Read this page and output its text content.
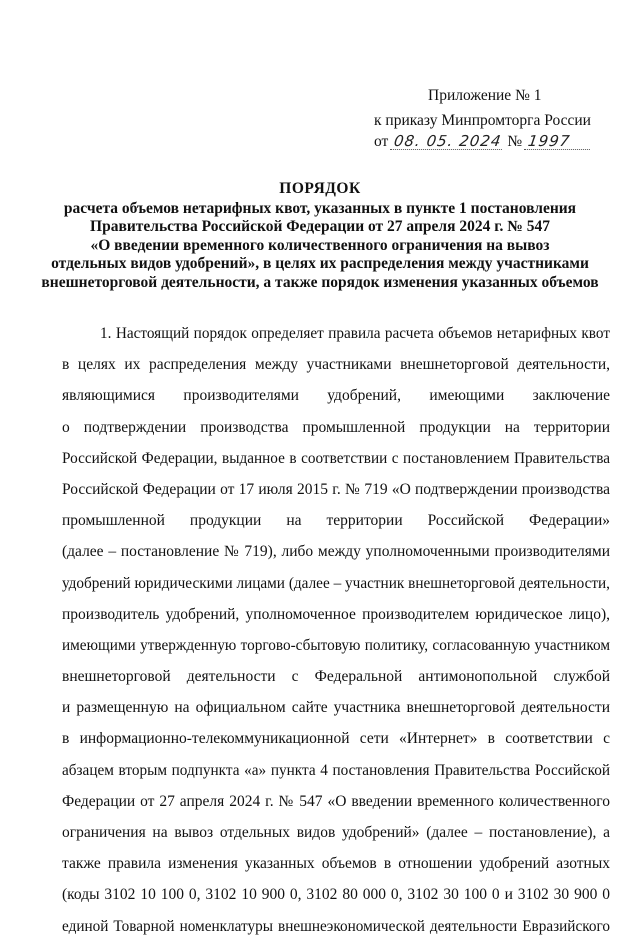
Приложение № 1
к приказу Минпромторга России
от 08. 05. 2024 № 1997
ПОРЯДОК
расчета объемов нетарифных квот, указанных в пункте 1 постановления
Правительства Российской Федерации от 27 апреля 2024 г. № 547
«О введении временного количественного ограничения на вывоз
отдельных видов удобрений», в целях их распределения между участниками
внешнеторговой деятельности, а также порядок изменения указанных объемов
1. Настоящий порядок определяет правила расчета объемов нетарифных квот
в целях их распределения между участниками внешнеторговой деятельности,
являющимися производителями удобрений, имеющими заключение
о подтверждении производства промышленной продукции на территории
Российской Федерации, выданное в соответствии с постановлением Правительства
Российской Федерации от 17 июля 2015 г. № 719 «О подтверждении производства
промышленной продукции на территории Российской Федерации»
(далее – постановление № 719), либо между уполномоченными производителями
удобрений юридическими лицами (далее – участник внешнеторговой деятельности,
производитель удобрений, уполномоченное производителем юридическое лицо),
имеющими утвержденную торгово-сбытовую политику, согласованную участником
внешнеторговой деятельности с Федеральной антимонопольной службой
и размещенную на официальном сайте участника внешнеторговой деятельности
в информационно-телекоммуникационной сети «Интернет» в соответствии с
абзацем вторым подпункта «а» пункта 4 постановления Правительства Российской
Федерации от 27 апреля 2024 г. № 547 «О введении временного количественного
ограничения на вывоз отдельных видов удобрений» (далее – постановление), а
также правила изменения указанных объемов в отношении удобрений азотных
(коды 3102 10 100 0, 3102 10 900 0, 3102 80 000 0, 3102 30 100 0 и 3102 30 900 0
единой Товарной номенклатуры внешнеэкономической деятельности Евразийского
